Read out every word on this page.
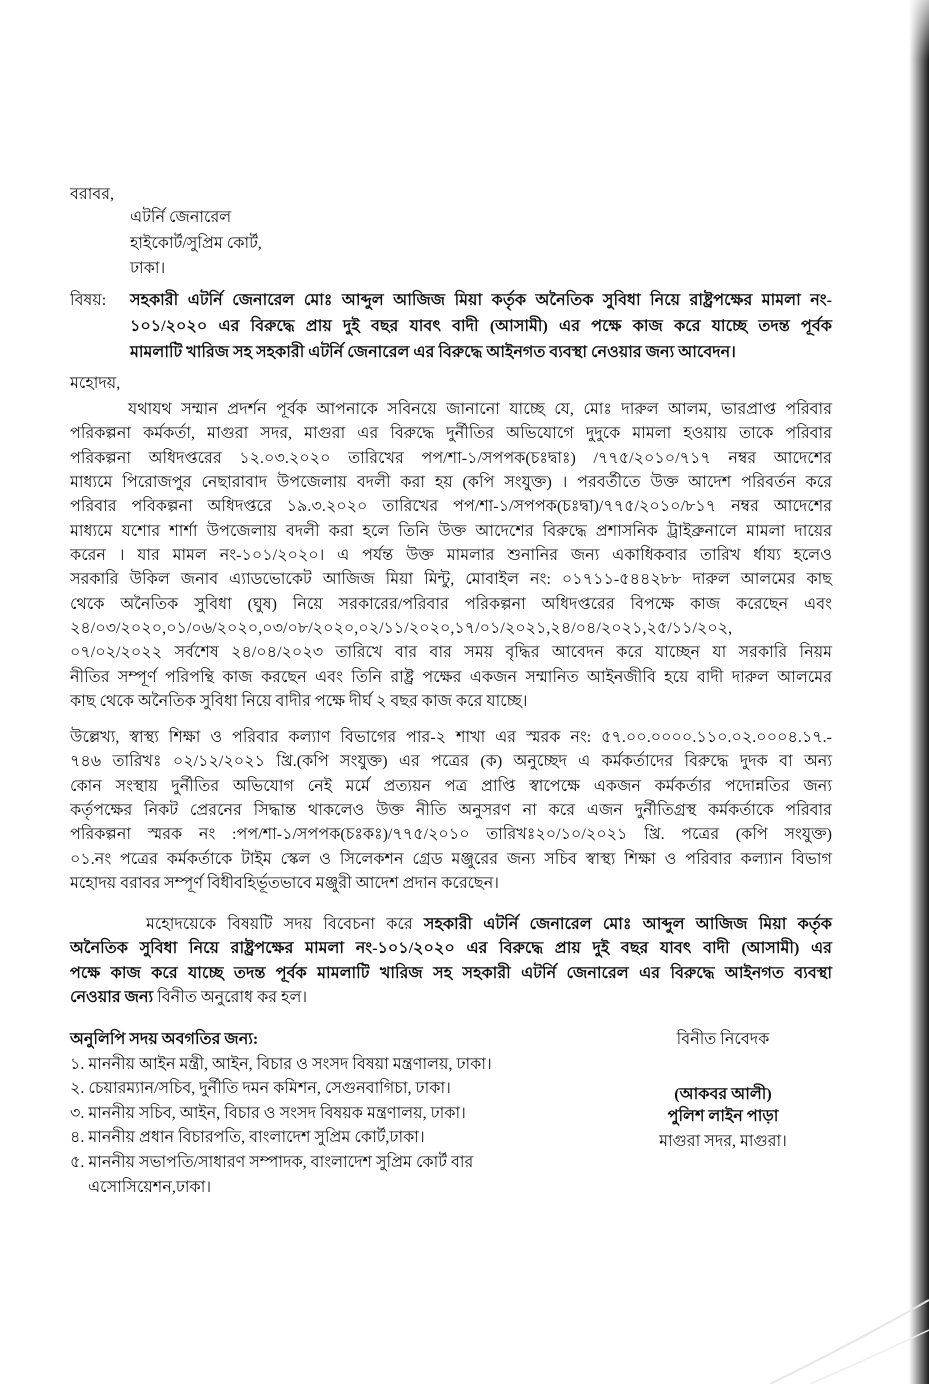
বরাবর,
এটর্নি জেনারেল
হাইকোর্ট/সুপ্রিম কোর্ট,
ঢাকা।
বিষয়:	সহকারী এটর্নি জেনারেল মোঃ আব্দুল আজিজ মিয়া কর্তৃক অনৈতিক সুবিধা নিয়ে রাষ্ট্রপক্ষের মামলা নং-
১০১/২০২০ এর বিরুদ্ধে প্রায় দুই বছর যাবৎ বাদী (আসামী) এর পক্ষে কাজ করে যাচ্ছে তদন্ত পূর্বক
মামলাটি খারিজ সহ সহকারী এটর্নি জেনারেল এর বিরুদ্ধে আইনগত ব্যবস্থা নেওয়ার জন্য আবেদন।
মহোদয়,
যথাযথ সম্মান প্রদর্শন পূর্বক আপনাকে সবিনয়ে জানানো যাচ্ছে যে, মোঃ দারুল আলম, ভারপ্রাপ্ত পরিবার
পরিকল্পনা কর্মকর্তা, মাগুরা সদর, মাগুরা এর বিরুদ্ধে দুর্নীতির অভিযোগে দুদুকে মামলা হওয়ায় তাকে পরিবার
পরিকল্পনা অধিদপ্তরের ১২.০৩.২০২০ তারিখের পপ/শা-১/সপপক(চঃদ্বাঃ) /৭৭৫/২০১০/৭১৭ নম্বর আদেশের
মাধ্যমে পিরোজপুর নেছারাবাদ উপজেলায় বদলী করা হয় (কপি সংযুক্ত) । পরবর্তীতে উক্ত আদেশ পরিবর্তন করে
পরিবার পবিকল্পনা অধিদপ্তরে ১৯.৩.২০২০ তারিখের পপ/শা-১/সপপক(চঃদ্বা)/৭৭৫/২০১০/৮১৭ নম্বর আদেশের
মাধ্যমে যশোর শার্শা উপজেলায় বদলী করা হলে তিনি উক্ত আদেশের বিরুদ্ধে প্রশাসনিক ট্রাইব্রুনালে মামলা দায়ের
করেন । যার মামল নং-১০১/২০২০। এ পর্যন্ত উক্ত মামলার শুনানির জন্য একাধিকবার তারিখ র্ধায্য হলেও
সরকারি উকিল জনাব এ্যাডভোকেট আজিজ মিয়া মিন্টু, মোবাইল নং: ০১৭১১-৫৪৪২৮৮ দারুল আলমের কাছ
থেকে অনৈতিক সুবিধা (ঘুষ) নিয়ে সরকারের/পরিবার পরিকল্পনা অধিদপ্তরের বিপক্ষে কাজ করেছেন এবং
২৪/০৩/২০২০,০১/০৬/২০২০,০৩/০৮/২০২০,০২/১১/২০২০,১৭/০১/২০২১,২৪/০৪/২০২১,২৫/১১/২০২,
০৭/০২/২০২২ সর্বশেষ ২৪/০৪/২০২৩ তারিখে বার বার সময় বৃদ্ধির আবেদন করে যাচ্ছেন যা সরকারি নিয়ম
নীতির সম্পূর্ণ পরিপন্থি কাজ করছেন এবং তিনি রাষ্ট্র পক্ষের একজন সম্মানিত আইনজীবি হয়ে বাদী দারুল আলমের
কাছ থেকে অনৈতিক সুবিধা নিয়ে বাদীর পক্ষে দীর্ঘ ২ বছর কাজ করে যাচ্ছে।
উল্লেখ্য, স্বাস্থ্য শিক্ষা ও পরিবার কল্যাণ বিভাগের পার-২ শাখা এর স্মরক নং: ৫৭.০০.০০০০.১১০.০২.০০০৪.১৭.-
৭৪৬ তারিখঃ ০২/১২/২০২১ খ্রি.(কপি সংযুক্ত) এর পত্রের (ক) অনুচ্ছেদ এ কর্মকর্তাদের বিরুদ্ধে দুদক বা অন্য
কোন সংস্থায় দুর্নীতির অভিযোগ নেই মর্মে প্রত্যয়ন পত্র প্রাপ্তি স্বাপেক্ষে একজন কর্মকর্তার পদোন্নতির জন্য
কর্তৃপক্ষের নিকট প্রেরনের সিদ্ধান্ত থাকলেও উক্ত নীতি অনুসরণ না করে এজন দুর্নীতিগ্রস্থ কর্মকর্তাকে পরিবার
পরিকল্পনা স্মরক নং :পপ/শা-১/সপপক(চঃকঃ)/৭৭৫/২০১০ তারিখঃ২০/১০/২০২১ খ্রি. পত্রের (কপি সংযুক্ত)
০১.নং পত্রের কর্মকর্তাকে টাইম স্কেল ও সিলেকশন গ্রেড মঞ্জুরের জন্য সচিব স্বাস্থ্য শিক্ষা ও পরিবার কল্যান বিভাগ
মহোদয় বরাবর সম্পূর্ণ বিধীবহির্ভূতভাবে মঞ্জুরী আদেশ প্রদান করেছেন।
মহোদয়েকে বিষয়টি সদয় বিবেচনা করে সহকারী এটর্নি জেনারেল মোঃ আব্দুল আজিজ মিয়া কর্তৃক
অনৈতিক সুবিধা নিয়ে রাষ্ট্রপক্ষের মামলা নং-১০১/২০২০ এর বিরুদ্ধে প্রায় দুই বছর যাবৎ বাদী (আসামী) এর
পক্ষে কাজ করে যাচ্ছে তদন্ত পূর্বক মামলাটি খারিজ সহ সহকারী এটর্নি জেনারেল এর বিরুদ্ধে আইনগত ব্যবস্থা
নেওয়ার জন্য বিনীত অনুরোধ কর হল।
অনুলিপি সদয় অবগতির জন্য:
১. মাননীয় আইন মন্ত্রী, আইন, বিচার ও সংসদ বিষয়া মন্ত্রণালয়, ঢাকা।
২. চেয়ারম্যান/সচিব, দুর্নীতি দমন কমিশন, সেগুনবাগিচা, ঢাকা।
৩. মাননীয় সচিব, আইন, বিচার ও সংসদ বিষয়ক মন্ত্রণালয়, ঢাকা।
৪. মাননীয় প্রধান বিচারপতি, বাংলাদেশ সুপ্রিম কোর্ট,ঢাকা।
৫. মাননীয় সভাপতি/সাধারণ সম্পাদক, বাংলাদেশ সুপ্রিম কোর্ট বার
এসোসিয়েশন,ঢাকা।
বিনীত নিবেদক
(আকবর আলী)
পুলিশ লাইন পাড়া
মাগুরা সদর, মাগুরা।
